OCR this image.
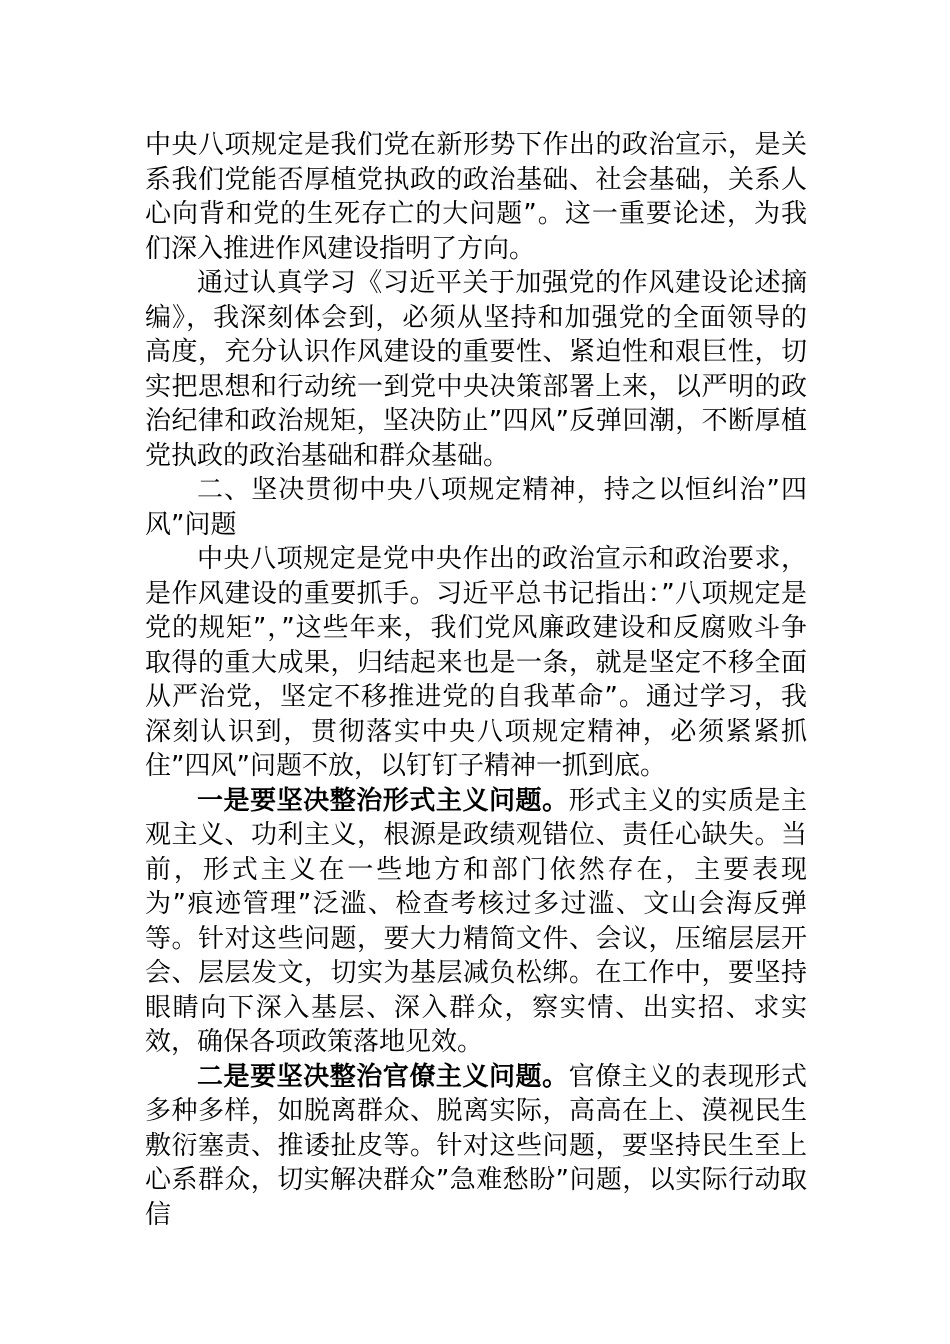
中央八项规定是我们党在新形势下作出的政治宣示，是关系我们党能否厚植党执政的政治基础、社会基础，关系人心向背和党的生死存亡的大问题”。这一重要论述，为我们深入推进作风建设指明了方向。

通过认真学习《习近平关于加强党的作风建设论述摘编》，我深刻体会到，必须从坚持和加强党的全面领导的高度，充分认识作风建设的重要性、紧迫性和艰巨性，切实把思想和行动统一到党中央决策部署上来，以严明的政治纪律和政治规矩，坚决防止”四风”反弹回潮，不断厚植党执政的政治基础和群众基础。

二、坚决贯彻中央八项规定精神，持之以恒纠治”四风”问题

中央八项规定是党中央作出的政治宣示和政治要求，是作风建设的重要抓手。习近平总书记指出：”八项规定是党的规矩”，”这些年来，我们党风廉政建设和反腐败斗争取得的重大成果，归结起来也是一条，就是坚定不移全面从严治党，坚定不移推进党的自我革命”。通过学习，我深刻认识到，贯彻落实中央八项规定精神，必须紧紧抓住”四风”问题不放，以钉钉子精神一抓到底。

一是要坚决整治形式主义问题。形式主义的实质是主观主义、功利主义，根源是政绩观错位、责任心缺失。当前，形式主义在一些地方和部门依然存在，主要表现为”痕迹管理”泛滥、检查考核过多过滥、文山会海反弹等。针对这些问题，要大力精简文件、会议，压缩层层开会、层层发文，切实为基层减负松绑。在工作中，要坚持眼睛向下深入基层、深入群众，察实情、出实招、求实效，确保各项政策落地见效。

二是要坚决整治官僚主义问题。官僚主义的表现形式多种多样，如脱离群众、脱离实际，高高在上、漠视民生敷衍塞责、推诿扯皮等。针对这些问题，要坚持民生至上心系群众，切实解决群众”急难愁盼”问题，以实际行动取信
